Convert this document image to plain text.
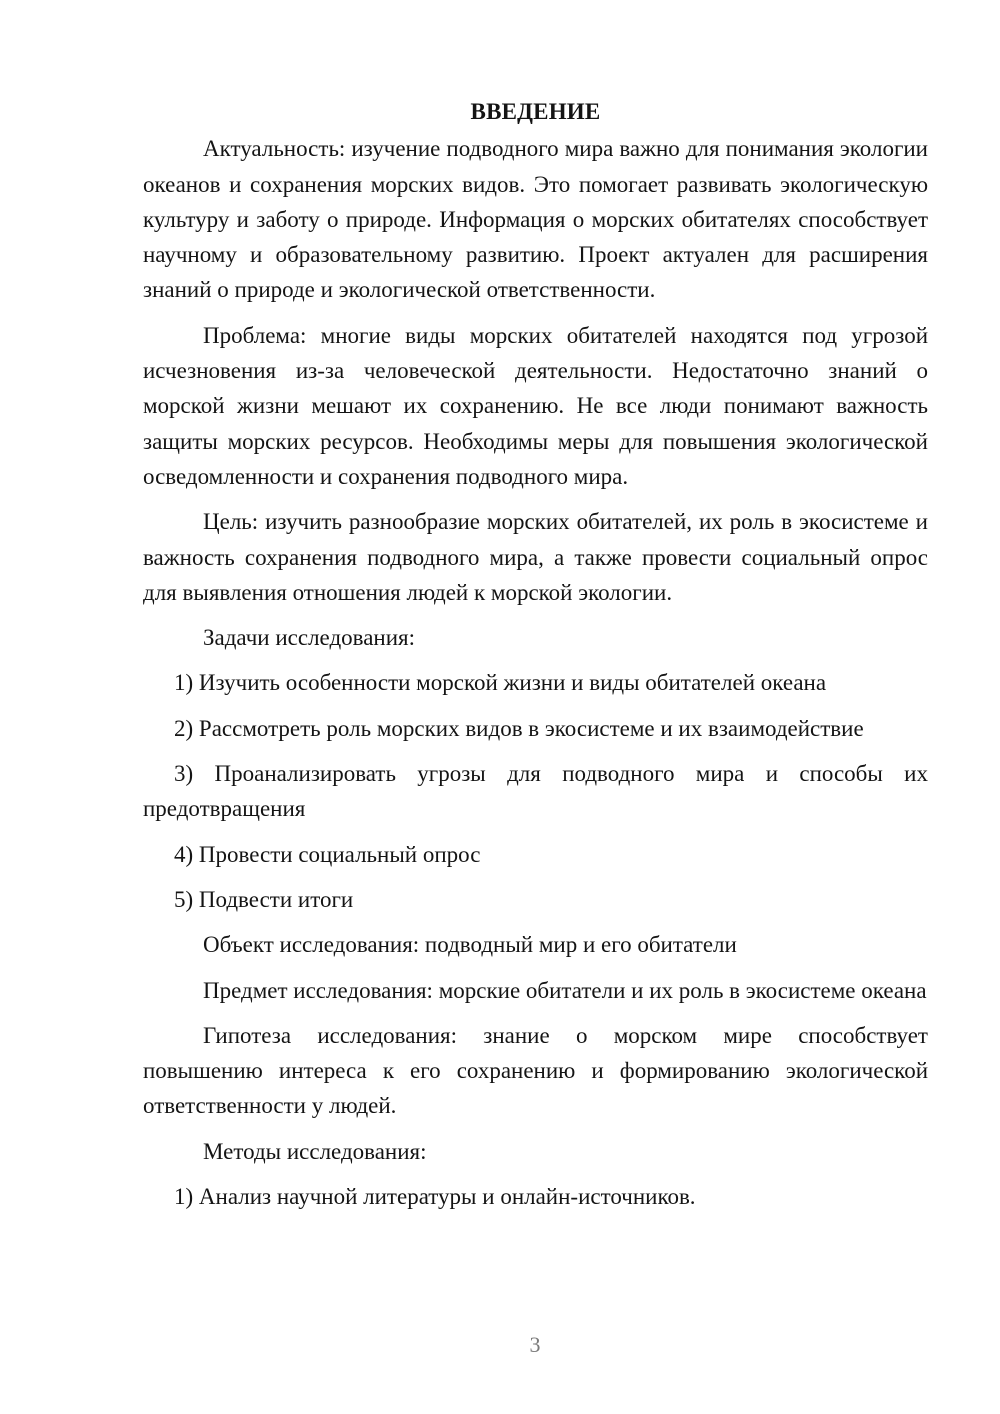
ВВЕДЕНИЕ

Актуальность: изучение подводного мира важно для понимания экологии океанов и сохранения морских видов. Это помогает развивать экологическую культуру и заботу о природе. Информация о морских обитателях способствует научному и образовательному развитию. Проект актуален для расширения знаний о природе и экологической ответственности.

Проблема: многие виды морских обитателей находятся под угрозой исчезновения из-за человеческой деятельности. Недостаточно знаний о морской жизни мешают их сохранению. Не все люди понимают важность защиты морских ресурсов. Необходимы меры для повышения экологической осведомленности и сохранения подводного мира.

Цель: изучить разнообразие морских обитателей, их роль в экосистеме и важность сохранения подводного мира, а также провести социальный опрос для выявления отношения людей к морской экологии.

Задачи исследования:

1) Изучить особенности морской жизни и виды обитателей океана

2) Рассмотреть роль морских видов в экосистеме и их взаимодействие

3) Проанализировать угрозы для подводного мира и способы их предотвращения

4) Провести социальный опрос

5) Подвести итоги

Объект исследования: подводный мир и его обитатели

Предмет исследования: морские обитатели и их роль в экосистеме океана

Гипотеза исследования: знание о морском мире способствует повышению интереса к его сохранению и формированию экологической ответственности у людей.

Методы исследования:

1) Анализ научной литературы и онлайн-источников.

3
